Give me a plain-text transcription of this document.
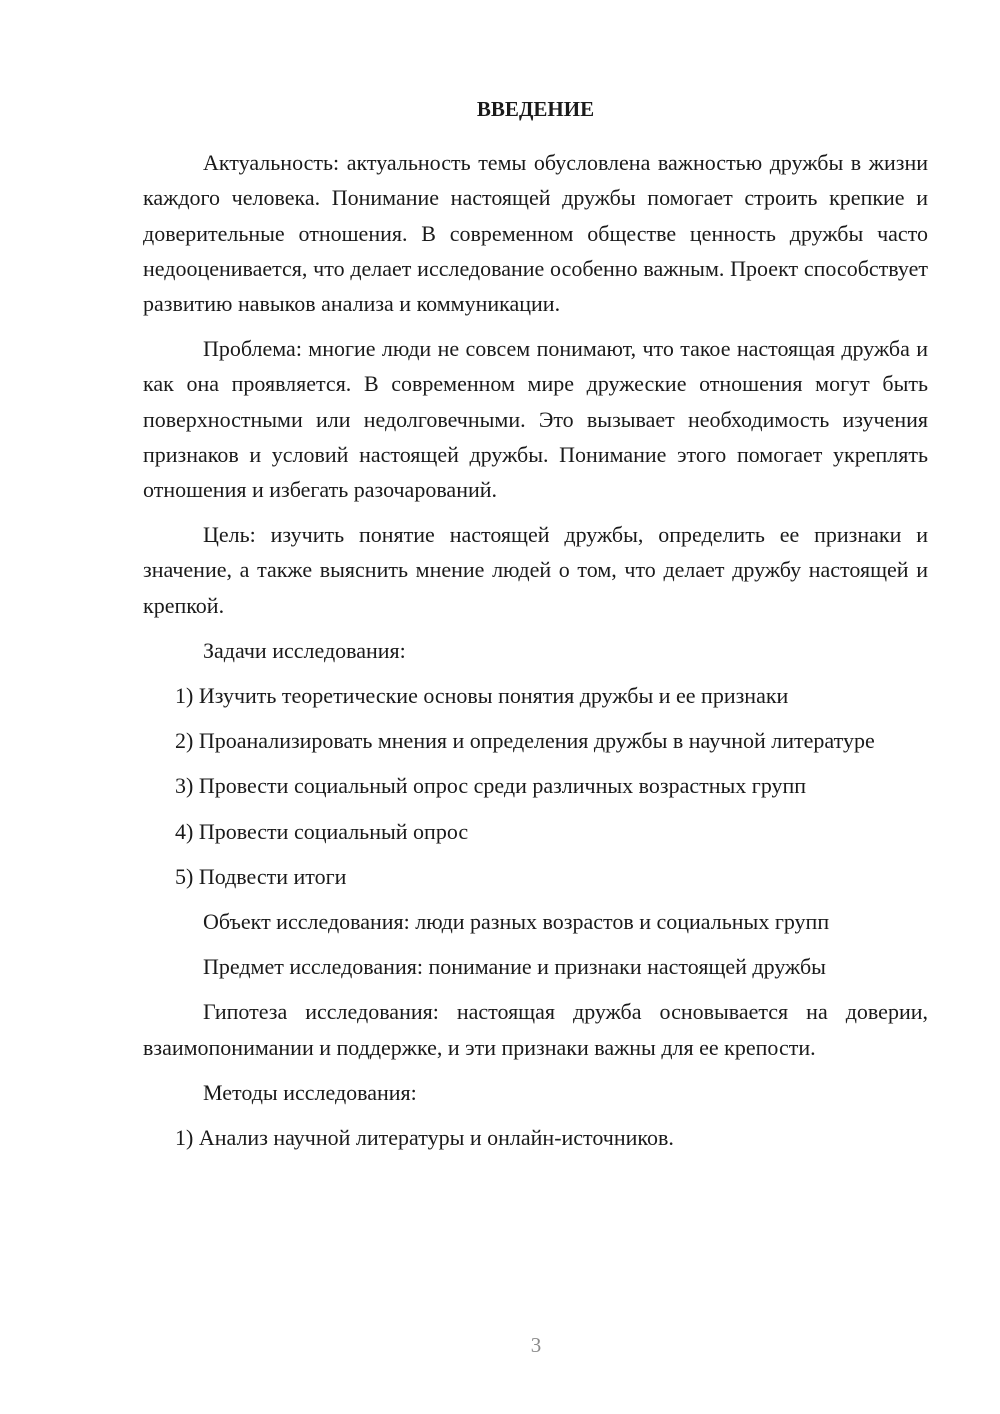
ВВЕДЕНИЕ

Актуальность: актуальность темы обусловлена важностью дружбы в жизни каждого человека. Понимание настоящей дружбы помогает строить крепкие и доверительные отношения. В современном обществе ценность дружбы часто недооценивается, что делает исследование особенно важным. Проект способствует развитию навыков анализа и коммуникации.

Проблема: многие люди не совсем понимают, что такое настоящая дружба и как она проявляется. В современном мире дружеские отношения могут быть поверхностными или недолговечными. Это вызывает необходимость изучения признаков и условий настоящей дружбы. Понимание этого помогает укреплять отношения и избегать разочарований.

Цель: изучить понятие настоящей дружбы, определить ее признаки и значение, а также выяснить мнение людей о том, что делает дружбу настоящей и крепкой.

Задачи исследования:

1) Изучить теоретические основы понятия дружбы и ее признаки

2) Проанализировать мнения и определения дружбы в научной литературе

3) Провести социальный опрос среди различных возрастных групп

4) Провести социальный опрос

5) Подвести итоги

Объект исследования: люди разных возрастов и социальных групп

Предмет исследования: понимание и признаки настоящей дружбы

Гипотеза исследования: настоящая дружба основывается на доверии, взаимопонимании и поддержке, и эти признаки важны для ее крепости.

Методы исследования:

1) Анализ научной литературы и онлайн-источников.

3
